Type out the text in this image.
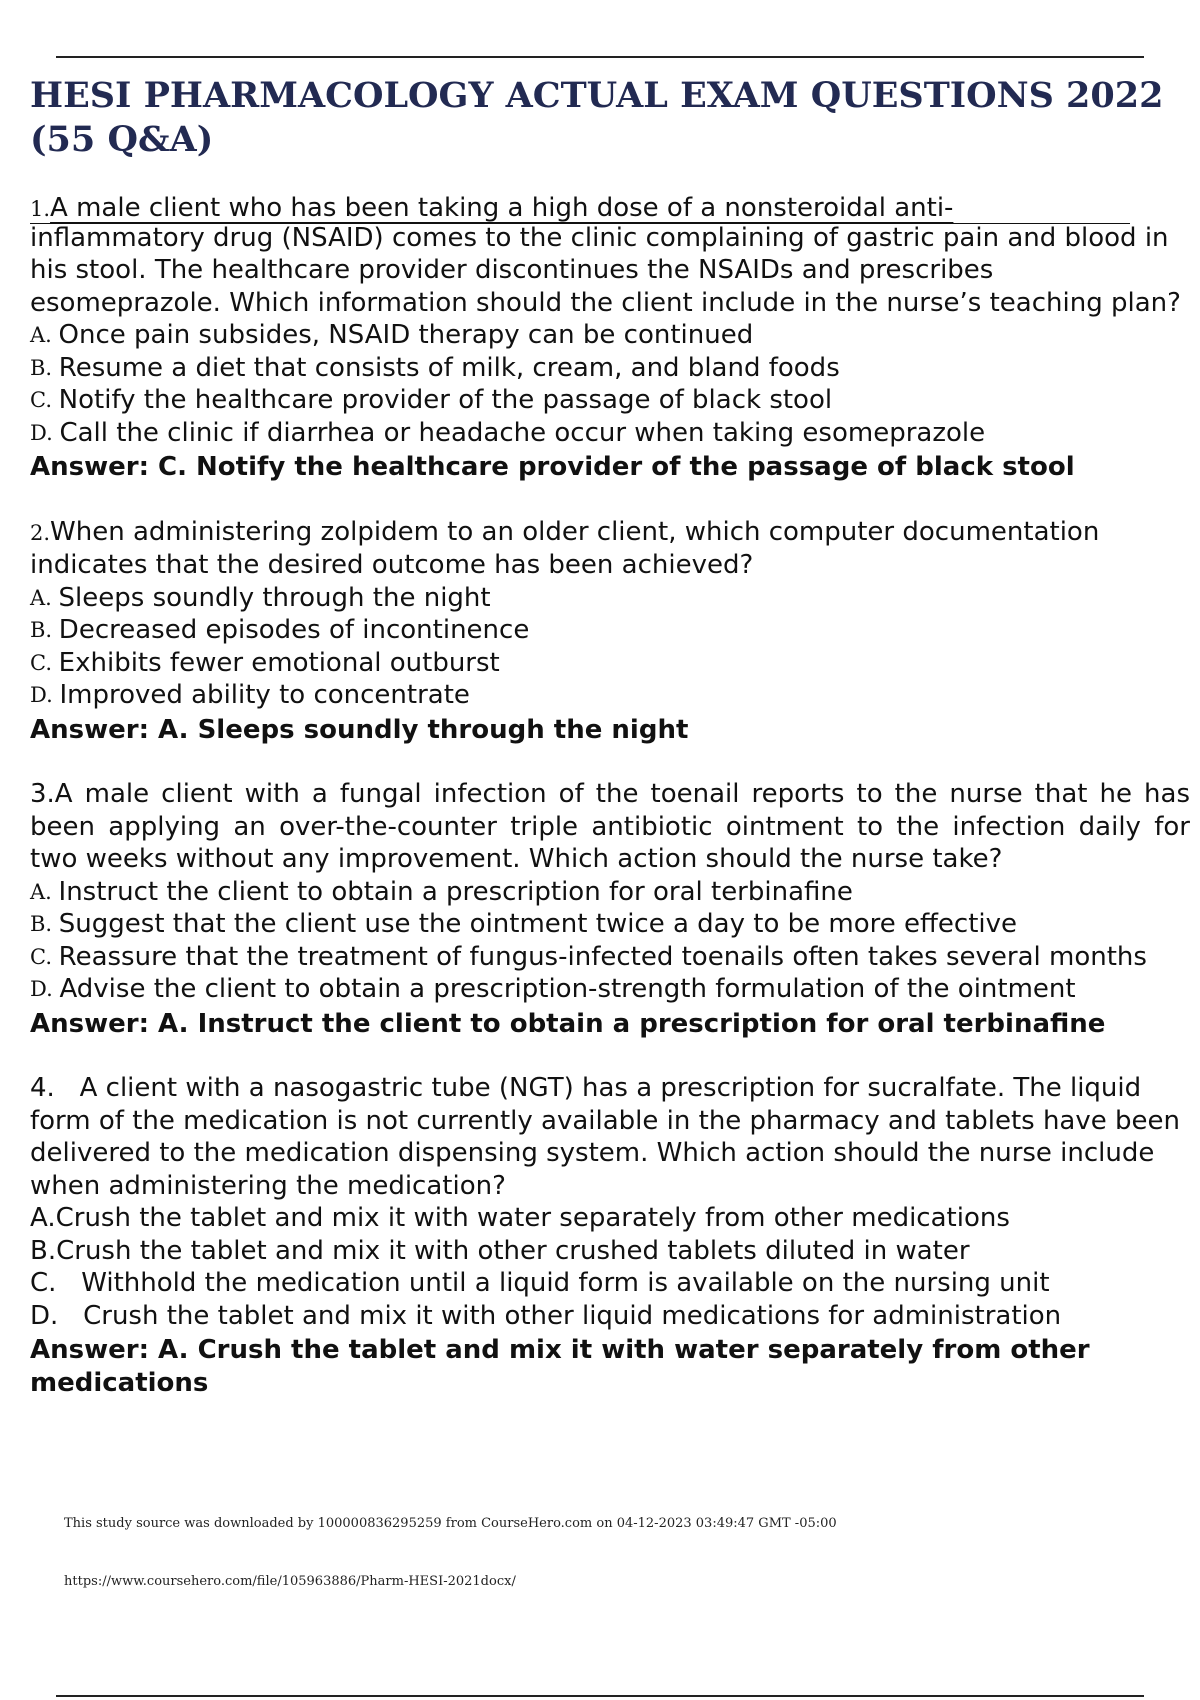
HESI PHARMACOLOGY ACTUAL EXAM QUESTIONS 2022 (55 Q&A)

1.A male client who has been taking a high dose of a nonsteroidal anti-

inflammatory drug (NSAID) comes to the clinic complaining of gastric pain and blood in his stool. The healthcare provider discontinues the NSAIDs and prescribes esomeprazole. Which information should the client include in the nurse’s teaching plan?

A. Once pain subsides, NSAID therapy can be continued
B. Resume a diet that consists of milk, cream, and bland foods
C. Notify the healthcare provider of the passage of black stool
D. Call the clinic if diarrhea or headache occur when taking esomeprazole

Answer: C. Notify the healthcare provider of the passage of black stool

2.When administering zolpidem to an older client, which computer documentation indicates that the desired outcome has been achieved?

A. Sleeps soundly through the night
B. Decreased episodes of incontinence
C. Exhibits fewer emotional outburst
D. Improved ability to concentrate

Answer: A. Sleeps soundly through the night

3.A male client with a fungal infection of the toenail reports to the nurse that he has been applying an over-the-counter triple antibiotic ointment to the infection daily for two weeks without any improvement. Which action should the nurse take?

A. Instruct the client to obtain a prescription for oral terbinafine
B. Suggest that the client use the ointment twice a day to be more effective
C. Reassure that the treatment of fungus-infected toenails often takes several months
D. Advise the client to obtain a prescription-strength formulation of the ointment

Answer: A. Instruct the client to obtain a prescription for oral terbinafine

4.   A client with a nasogastric tube (NGT) has a prescription for sucralfate. The liquid form of the medication is not currently available in the pharmacy and tablets have been delivered to the medication dispensing system. Which action should the nurse include when administering the medication?

A. Crush the tablet and mix it with water separately from other medications
B. Crush the tablet and mix it with other crushed tablets diluted in water
C. Withhold the medication until a liquid form is available on the nursing unit
D. Crush the tablet and mix it with other liquid medications for administration

Answer: A. Crush the tablet and mix it with water separately from other medications

This study source was downloaded by 100000836295259 from CourseHero.com on 04-12-2023 03:49:47 GMT -05:00
https://www.coursehero.com/file/105963886/Pharm-HESI-2021docx/
